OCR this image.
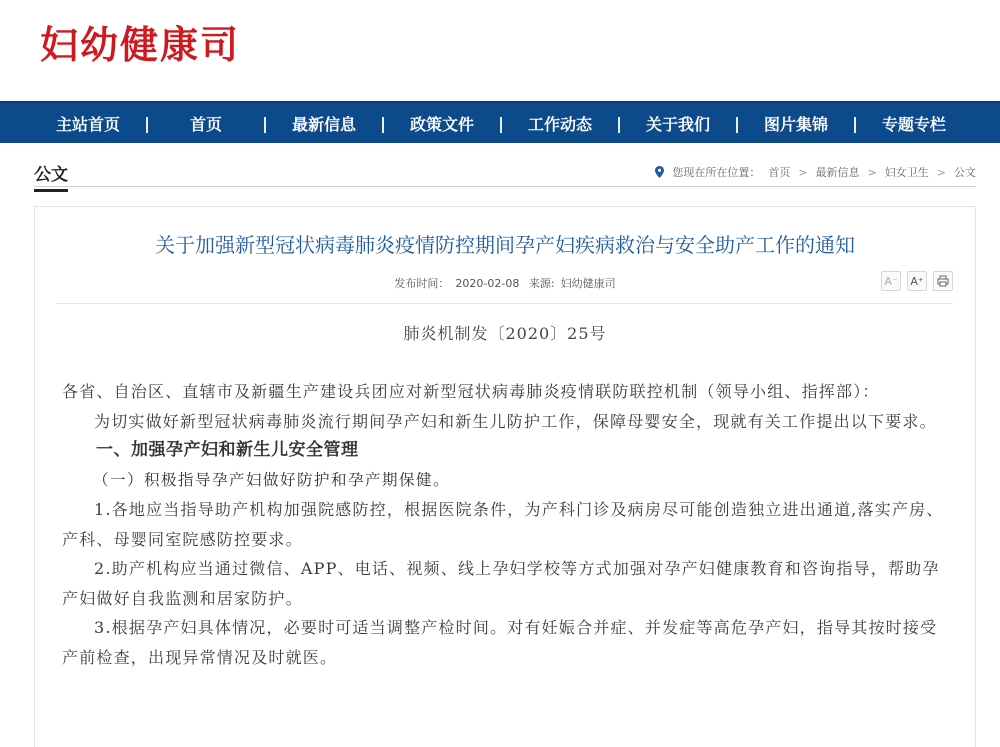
妇幼健康司
主站首页	|	首页	|	最新信息	|	政策文件	|	工作动态	|	关于我们	|	图片集锦	|	专题专栏
公文	您现在所在位置： 首页 > 最新信息 > 妇女卫生 > 公文
关于加强新型冠状病毒肺炎疫情防控期间孕产妇疾病救治与安全助产工作的通知
发布时间： 2020-02-08 来源: 妇幼健康司	A⁻	A⁺
肺炎机制发〔2020〕25号

各省、自治区、直辖市及新疆生产建设兵团应对新型冠状病毒肺炎疫情联防联控机制（领导小组、指挥部）：

为切实做好新型冠状病毒肺炎流行期间孕产妇和新生儿防护工作，保障母婴安全，现就有关工作提出以下要求。

一、加强孕产妇和新生儿安全管理

（一）积极指导孕产妇做好防护和孕产期保健。

1.各地应当指导助产机构加强院感防控，根据医院条件，为产科门诊及病房尽可能创造独立进出通道,落实产房、产科、母婴同室院感防控要求。

2.助产机构应当通过微信、APP、电话、视频、线上孕妇学校等方式加强对孕产妇健康教育和咨询指导，帮助孕产妇做好自我监测和居家防护。

3.根据孕产妇具体情况，必要时可适当调整产检时间。对有妊娠合并症、并发症等高危孕产妇，指导其按时接受产前检查，出现异常情况及时就医。
